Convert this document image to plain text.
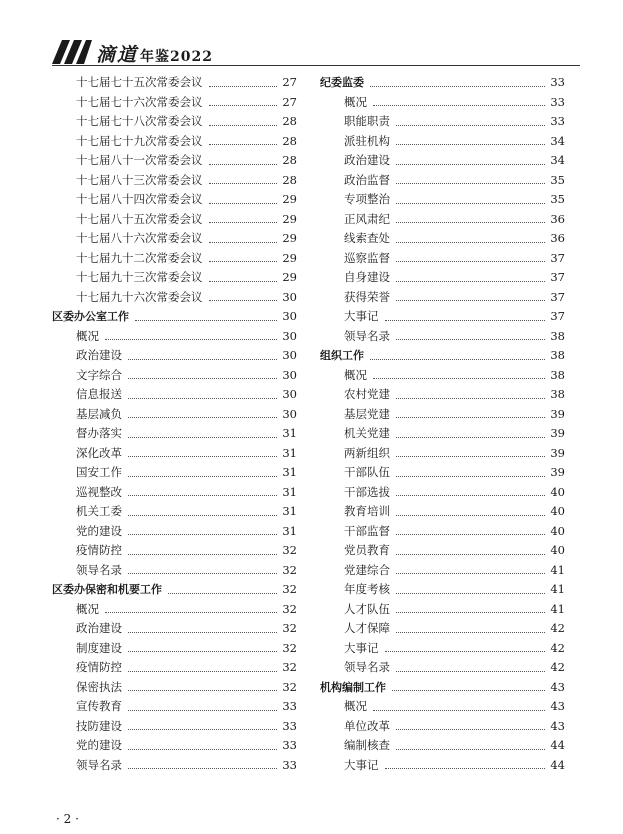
滴道 年鉴2022
十七届七十五次常委会议	27
十七届七十六次常委会议	27
十七届七十八次常委会议	28
十七届七十九次常委会议	28
十七届八十一次常委会议	28
十七届八十三次常委会议	28
十七届八十四次常委会议	29
十七届八十五次常委会议	29
十七届八十六次常委会议	29
十七届九十二次常委会议	29
十七届九十三次常委会议	29
十七届九十六次常委会议	30
区委办公室工作	30
概况	30
政治建设	30
文字综合	30
信息报送	30
基层减负	30
督办落实	31
深化改革	31
国安工作	31
巡视整改	31
机关工委	31
党的建设	31
疫情防控	32
领导名录	32
区委办保密和机要工作	32
概况	32
政治建设	32
制度建设	32
疫情防控	32
保密执法	32
宣传教育	33
技防建设	33
党的建设	33
领导名录	33
纪委监委	33
概况	33
职能职责	33
派驻机构	34
政治建设	34
政治监督	35
专项整治	35
正风肃纪	36
线索查处	36
巡察监督	37
自身建设	37
获得荣誉	37
大事记	37
领导名录	38
组织工作	38
概况	38
农村党建	38
基层党建	39
机关党建	39
两新组织	39
干部队伍	39
干部选拔	40
教育培训	40
干部监督	40
党员教育	40
党建综合	41
年度考核	41
人才队伍	41
人才保障	42
大事记	42
领导名录	42
机构编制工作	43
概况	43
单位改革	43
编制核查	44
大事记	44
· 2 ·
